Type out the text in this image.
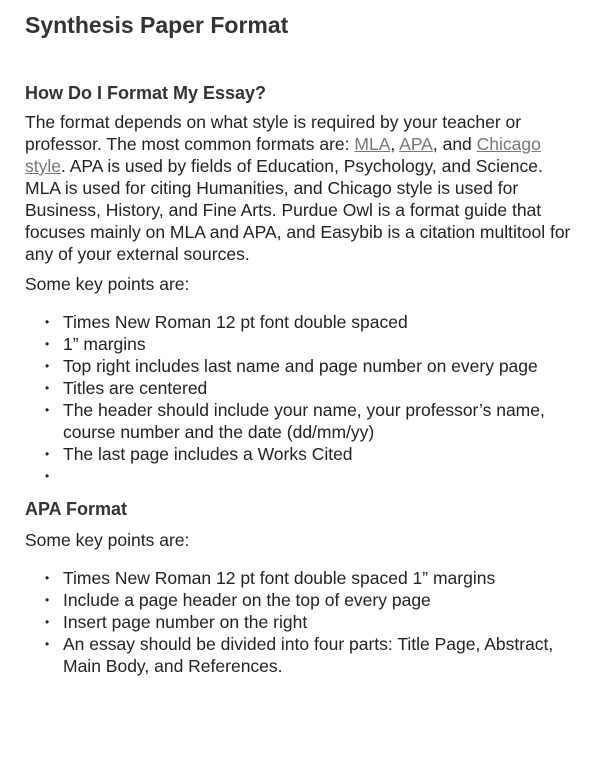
Synthesis Paper Format
How Do I Format My Essay?

The format depends on what style is required by your teacher or professor. The most common formats are: MLA, APA, and Chicago style. APA is used by fields of Education, Psychology, and Science. MLA is used for citing Humanities, and Chicago style is used for Business, History, and Fine Arts. Purdue Owl is a format guide that focuses mainly on MLA and APA, and Easybib is a citation multitool for any of your external sources.

Some key points are:

• Times New Roman 12 pt font double spaced
• 1” margins
• Top right includes last name and page number on every page
• Titles are centered
• The header should include your name, your professor’s name, course number and the date (dd/mm/yy)
• The last page includes a Works Cited
•
APA Format

Some key points are:

• Times New Roman 12 pt font double spaced 1” margins
• Include a page header on the top of every page
• Insert page number on the right
• An essay should be divided into four parts: Title Page, Abstract, Main Body, and References.
